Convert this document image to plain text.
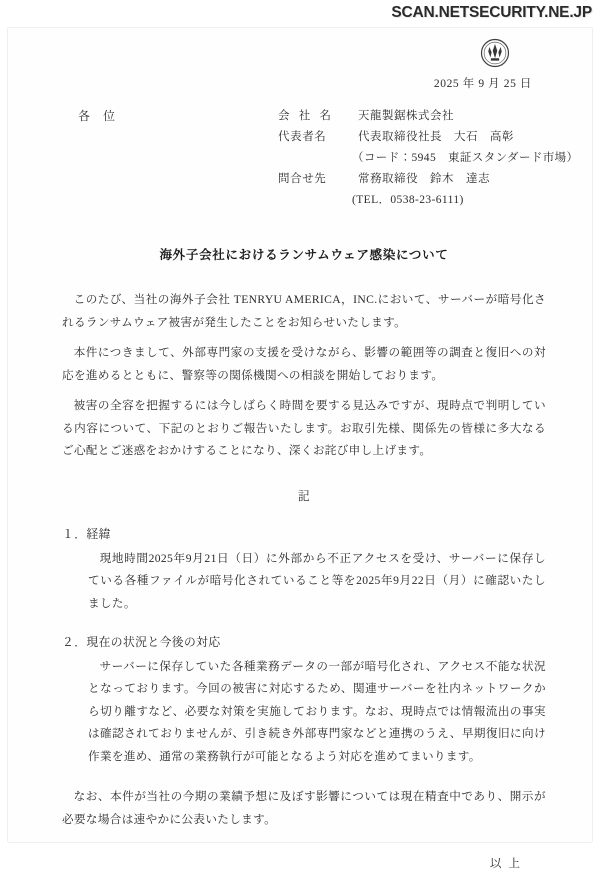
SCAN.NETSECURITY.NE.JP
2025 年 9 月 25 日
各 位	会 社 名	天龍製鋸株式会社
代表者名	代表取締役社長　大石　高彰
（コード：5945　東証スタンダード市場）
問合せ先	常務取締役　鈴木　達志
(TEL．0538-23-6111)
海外子会社におけるランサムウェア感染について

このたび、当社の海外子会社 TENRYU AMERICA，INC.において、サーバーが暗号化されるランサムウェア被害が発生したことをお知らせいたします。

本件につきまして、外部専門家の支援を受けながら、影響の範囲等の調査と復旧への対応を進めるとともに、警察等の関係機関への相談を開始しております。

被害の全容を把握するには今しばらく時間を要する見込みですが、現時点で判明している内容について、下記のとおりご報告いたします。お取引先様、関係先の皆様に多大なるご心配とご迷惑をおかけすることになり、深くお詫び申し上げます。

記

１．経緯

現地時間2025年9月21日（日）に外部から不正アクセスを受け、サーバーに保存している各種ファイルが暗号化されていること等を2025年9月22日（月）に確認いたしました。

２．現在の状況と今後の対応

サーバーに保存していた各種業務データの一部が暗号化され、アクセス不能な状況となっております。今回の被害に対応するため、関連サーバーを社内ネットワークから切り離すなど、必要な対策を実施しております。なお、現時点では情報流出の事実は確認されておりませんが、引き続き外部専門家などと連携のうえ、早期復旧に向け作業を進め、通常の業務執行が可能となるよう対応を進めてまいります。

なお、本件が当社の今期の業績予想に及ぼす影響については現在精査中であり、開示が必要な場合は速やかに公表いたします。

以 上
